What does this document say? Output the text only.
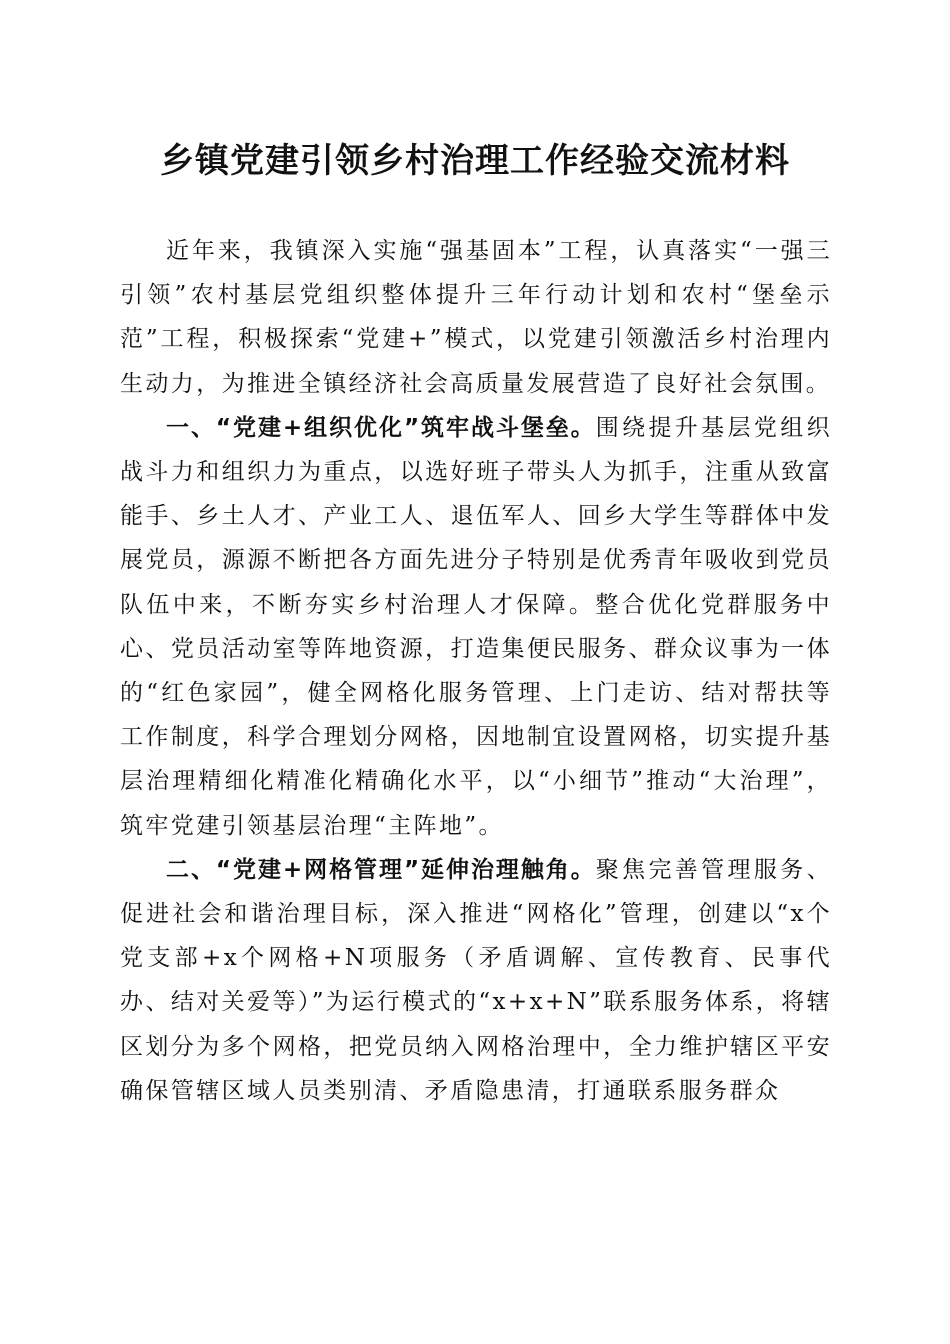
乡镇党建引领乡村治理工作经验交流材料

近年来，我镇深入实施“强基固本”工程，认真落实“一强三引领”农村基层党组织整体提升三年行动计划和农村“堡垒示范”工程，积极探索“党建+”模式，以党建引领激活乡村治理内生动力，为推进全镇经济社会高质量发展营造了良好社会氛围。

一、“党建+组织优化”筑牢战斗堡垒。围绕提升基层党组织战斗力和组织力为重点，以选好班子带头人为抓手，注重从致富能手、乡土人才、产业工人、退伍军人、回乡大学生等群体中发展党员，源源不断把各方面先进分子特别是优秀青年吸收到党员队伍中来，不断夯实乡村治理人才保障。整合优化党群服务中心、党员活动室等阵地资源，打造集便民服务、群众议事为一体的“红色家园”，健全网格化服务管理、上门走访、结对帮扶等工作制度，科学合理划分网格，因地制宜设置网格，切实提升基层治理精细化精准化精确化水平，以“小细节”推动“大治理”，筑牢党建引领基层治理“主阵地”。

二、“党建+网格管理”延伸治理触角。聚焦完善管理服务、促进社会和谐治理目标，深入推进“网格化”管理，创建以“x个党支部+x个网格+N项服务（矛盾调解、宣传教育、民事代办、结对关爱等）”为运行模式的“x+x+N”联系服务体系，将辖区划分为多个网格，把党员纳入网格治理中，全力维护辖区平安确保管辖区域人员类别清、矛盾隐患清，打通联系服务群众
